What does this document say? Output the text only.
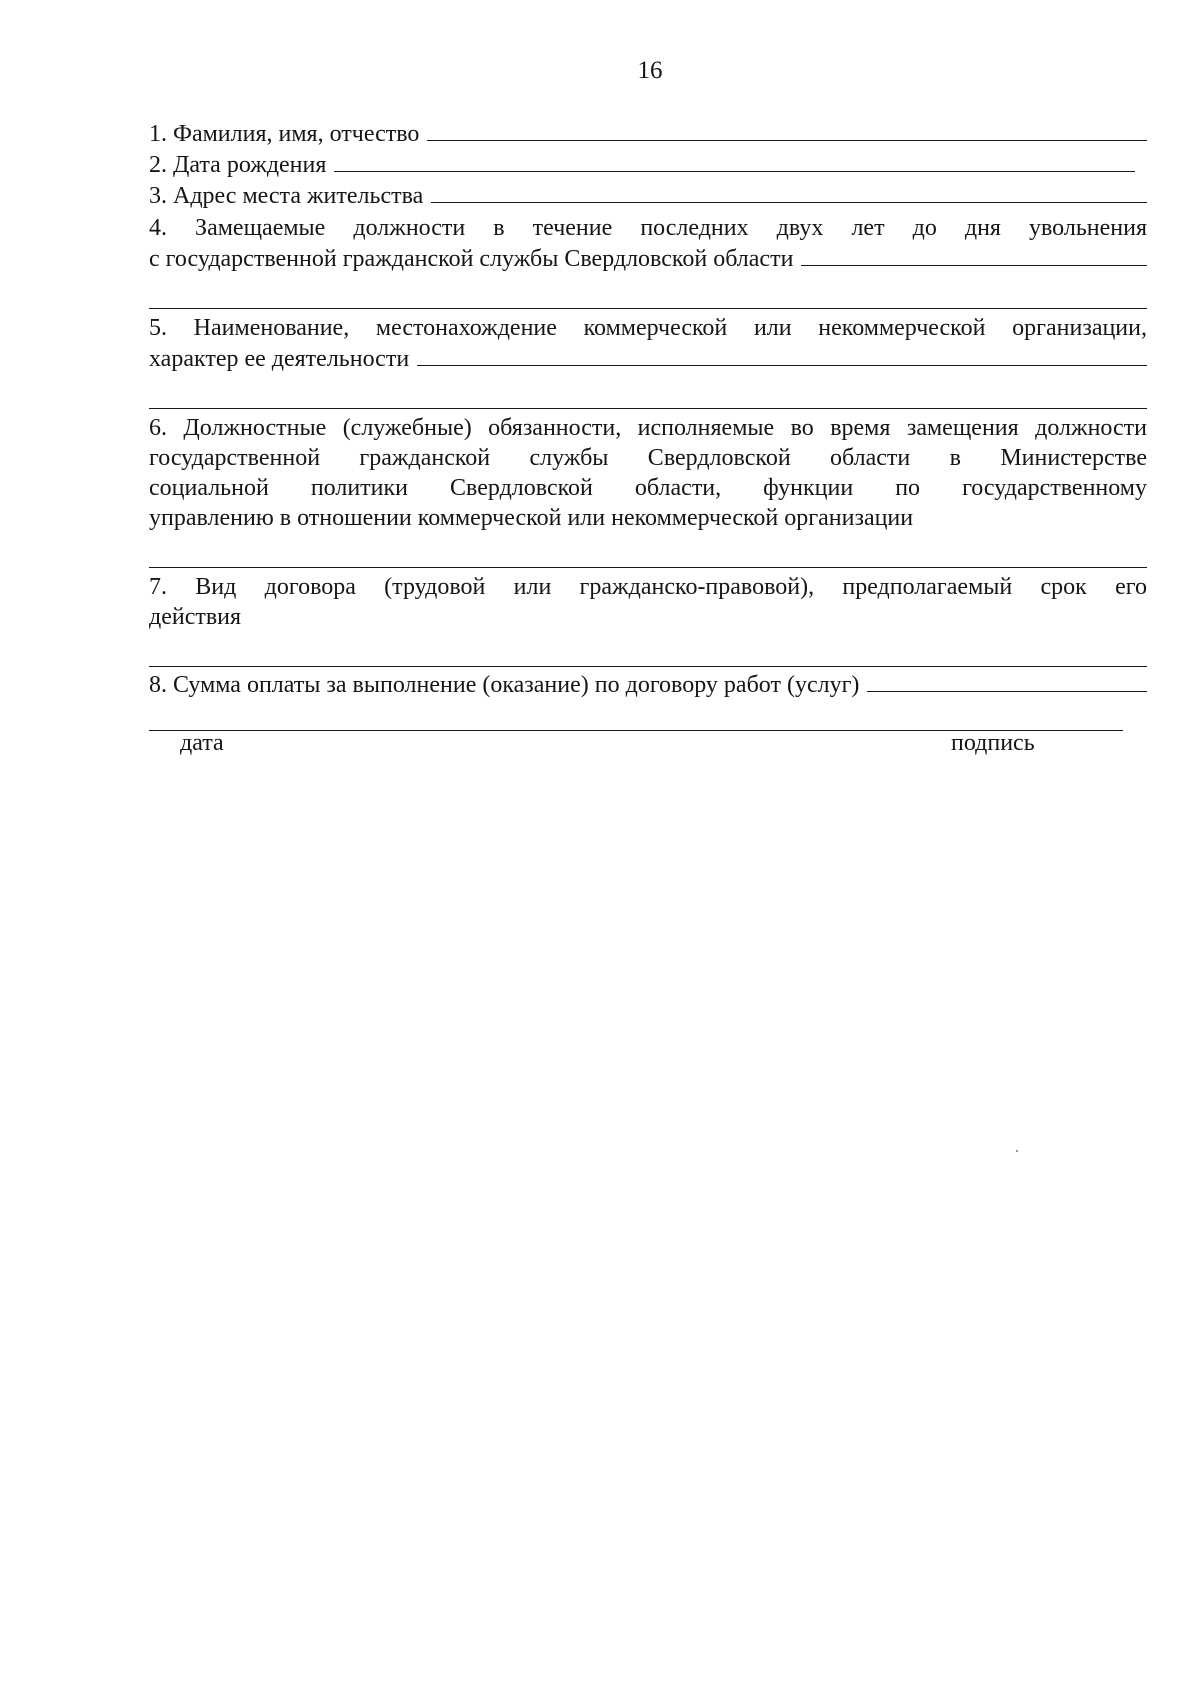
16
1. Фамилия, имя, отчество
2. Дата рождения
3. Адрес места жительства
4. Замещаемые должности в течение последних двух лет до дня увольнения
с государственной гражданской службы Свердловской области
5. Наименование, местонахождение коммерческой или некоммерческой организации,
характер ее деятельности
6. Должностные (служебные) обязанности, исполняемые во время замещения должности
государственной гражданской службы Свердловской области в Министерстве
социальной политики Свердловской области, функции по государственному
управлению в отношении коммерческой или некоммерческой организации
7. Вид договора (трудовой или гражданско-правовой), предполагаемый срок его
действия
8. Сумма оплаты за выполнение (оказание) по договору работ (услуг)
дата	подпись
